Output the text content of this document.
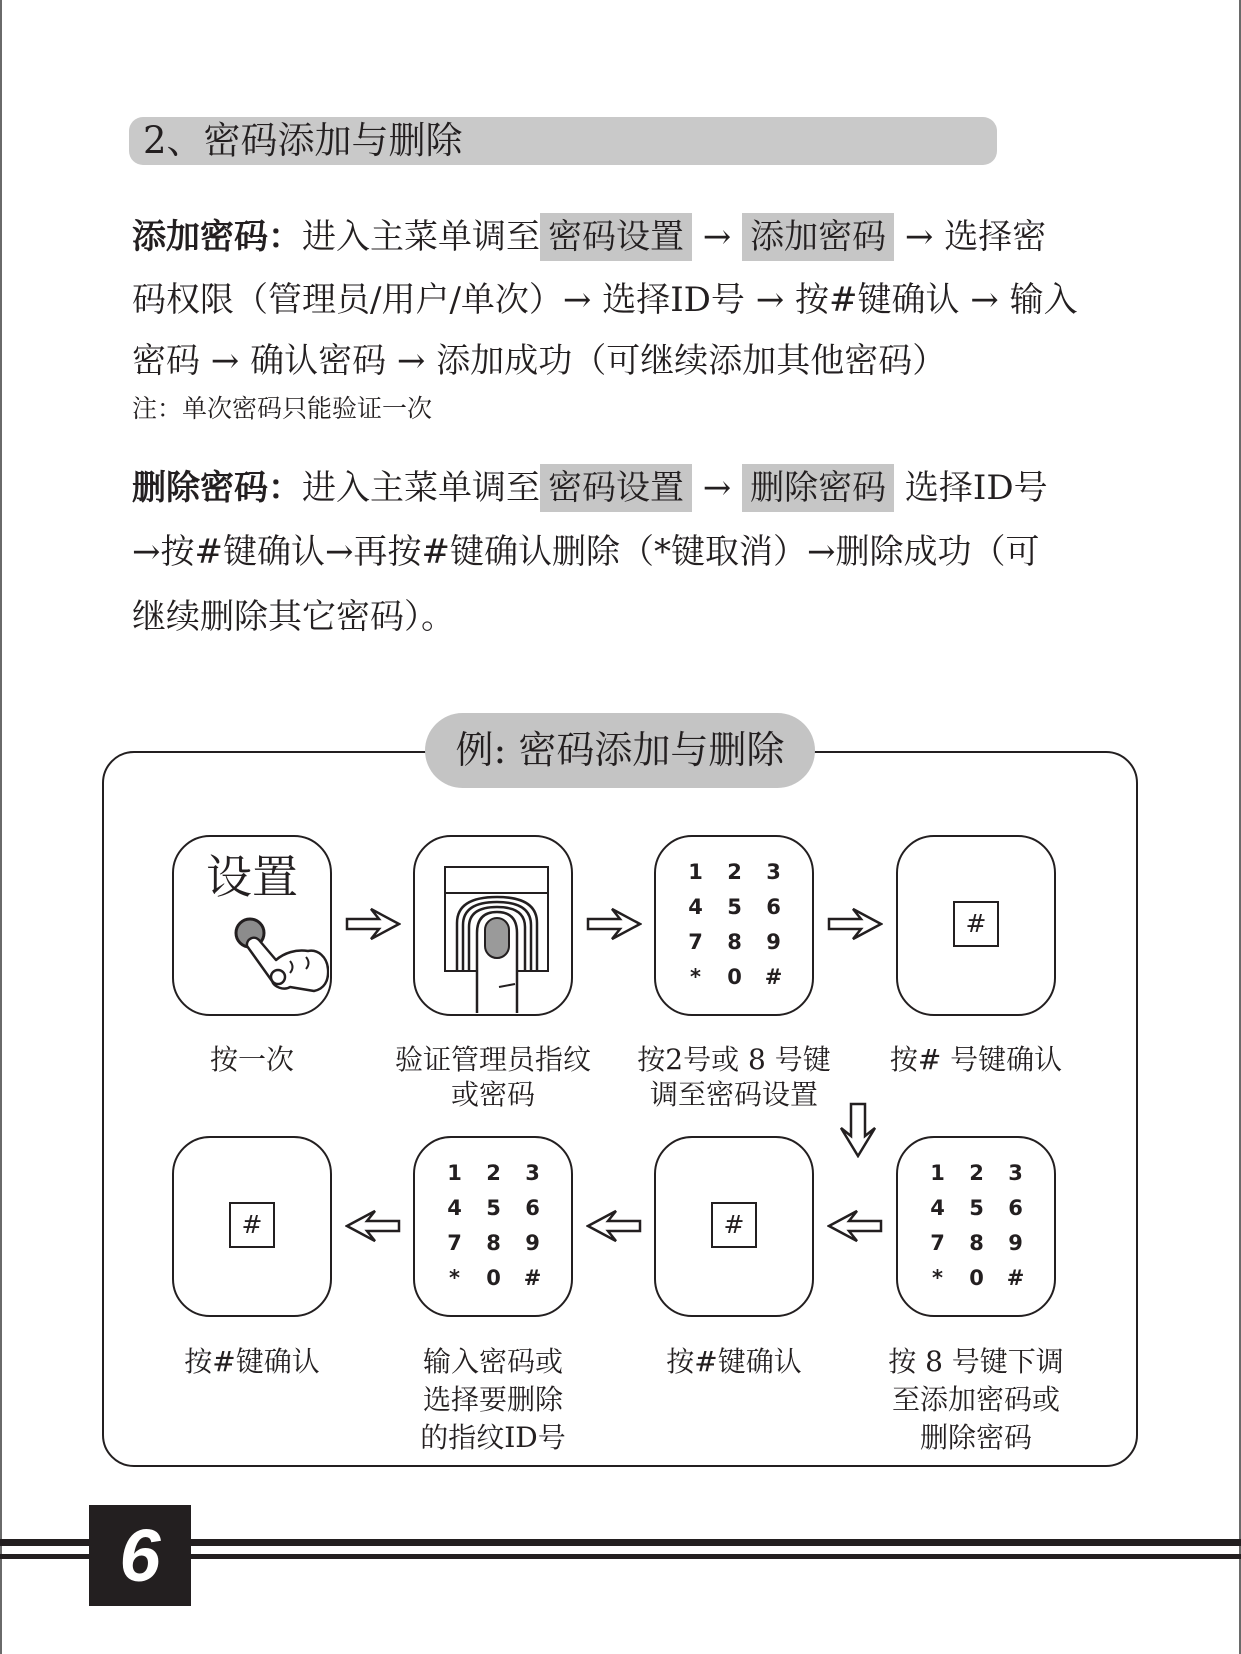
2、密码添加与删除
添加密码：进入主菜单调至 密码设置 → 添加密码 → 选择密
码权限（管理员/用户/单次）→ 选择ID号 → 按#键确认 → 输入
密码 → 确认密码 → 添加成功（可继续添加其他密码）
注：单次密码只能验证一次
删除密码：进入主菜单调至 密码设置 → 删除密码 选择ID号
→按#键确认→再按#键确认删除（*键取消）→删除成功（可
继续删除其它密码）。
例: 密码添加与删除
设置	1	2	3
4	5	6
7	8	9
*	0	#
#
1	2	3
4	5	6
7	8	9
*	0	#
#
1	2	3
4	5	6
7	8	9
*	0	#
#
按一次	验证管理员指纹
或密码
按2号或 8 号键
调至密码设置
按# 号键确认
按 8 号键下调
至添加密码或
删除密码
按#键确认
输入密码或
选择要删除
的指纹ID号
按#键确认
6
